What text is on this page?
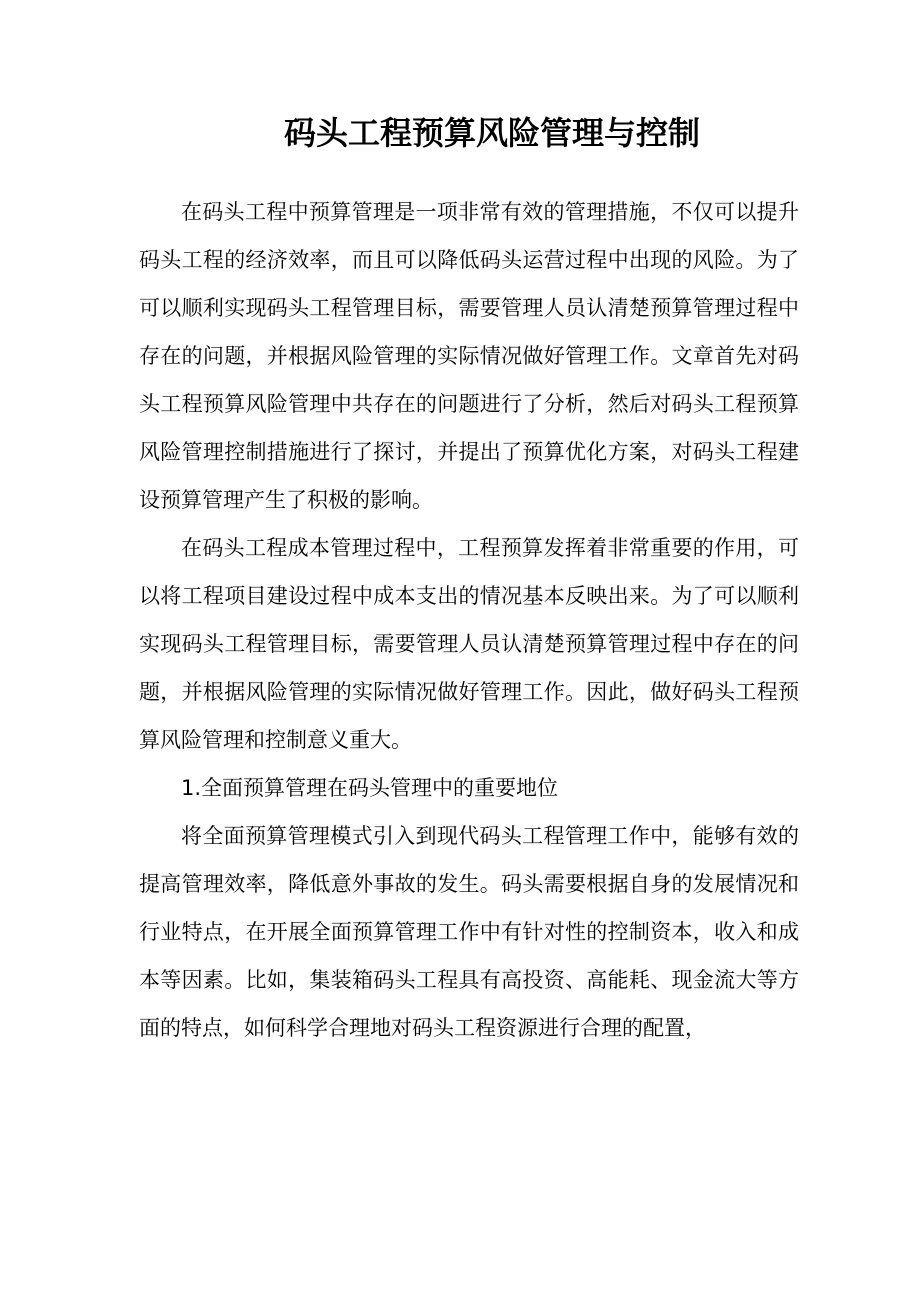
码头工程预算风险管理与控制

在码头工程中预算管理是一项非常有效的管理措施，不仅可以提升码头工程的经济效率，而且可以降低码头运营过程中出现的风险。为了可以顺利实现码头工程管理目标，需要管理人员认清楚预算管理过程中存在的问题，并根据风险管理的实际情况做好管理工作。文章首先对码头工程预算风险管理中共存在的问题进行了分析，然后对码头工程预算风险管理控制措施进行了探讨，并提出了预算优化方案，对码头工程建设预算管理产生了积极的影响。

在码头工程成本管理过程中，工程预算发挥着非常重要的作用，可以将工程项目建设过程中成本支出的情况基本反映出来。为了可以顺利实现码头工程管理目标，需要管理人员认清楚预算管理过程中存在的问题，并根据风险管理的实际情况做好管理工作。因此，做好码头工程预算风险管理和控制意义重大。

1.全面预算管理在码头管理中的重要地位

将全面预算管理模式引入到现代码头工程管理工作中，能够有效的提高管理效率，降低意外事故的发生。码头需要根据自身的发展情况和行业特点，在开展全面预算管理工作中有针对性的控制资本，收入和成本等因素。比如，集装箱码头工程具有高投资、高能耗、现金流大等方面的特点，如何科学合理地对码头工程资源进行合理的配置，
